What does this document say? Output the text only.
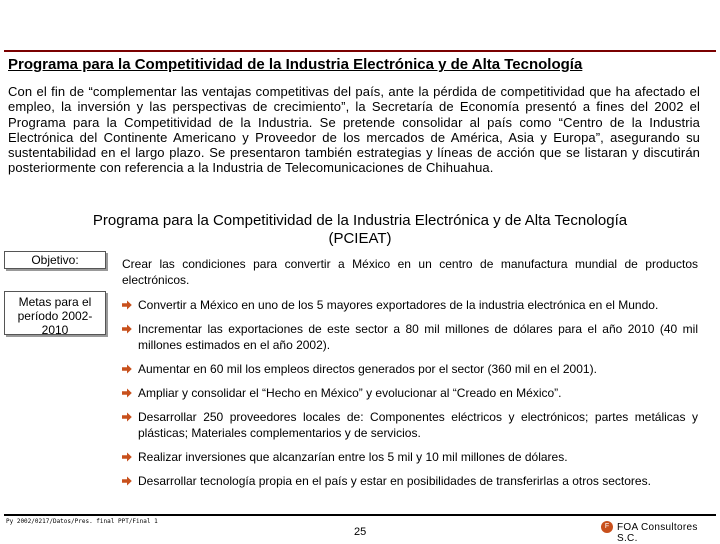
Programa para la Competitividad de la Industria Electrónica y de Alta Tecnología
Con el fin de “complementar las ventajas competitivas del país, ante la pérdida de competitividad que ha afectado el empleo, la inversión y las perspectivas de crecimiento”, la Secretaría de Economía presentó a fines del 2002 el Programa para la Competitividad de la Industria. Se pretende consolidar al país como “Centro de la Industria Electrónica del Continente Americano y Proveedor de los mercados de América, Asia y Europa”, asegurando su sustentabilidad en el largo plazo. Se presentaron también estrategias y líneas de acción que se listaran y discutirán posteriormente con referencia a la Industria de Telecomunicaciones de Chihuahua.
Programa para la Competitividad de la Industria Electrónica y de Alta Tecnología
(PCIEAT)
Objetivo:
Metas para el período 2002-2010
Crear las condiciones para convertir a México en un centro de manufactura mundial de productos electrónicos.
Convertir a México en uno de los 5 mayores exportadores de la industria electrónica en el Mundo.
Incrementar las exportaciones de este sector a 80 mil millones de dólares para el año 2010 (40 mil millones estimados en el año 2002).
Aumentar en 60 mil los empleos directos generados por el sector (360 mil en el 2001).
Ampliar y consolidar el “Hecho en México” y evolucionar al “Creado en México”.
Desarrollar 250 proveedores locales de: Componentes eléctricos y electrónicos; partes metálicas y plásticas; Materiales complementarios y de servicios.
Realizar inversiones que alcanzarían entre los 5 mil y 10 mil millones de dólares.
Desarrollar tecnología propia en el país y estar en posibilidades de transferirlas a otros sectores.
Py 2002/0217/Datos/Pres. final PPT/Final 1
25	F FOA Consultores S.C.
